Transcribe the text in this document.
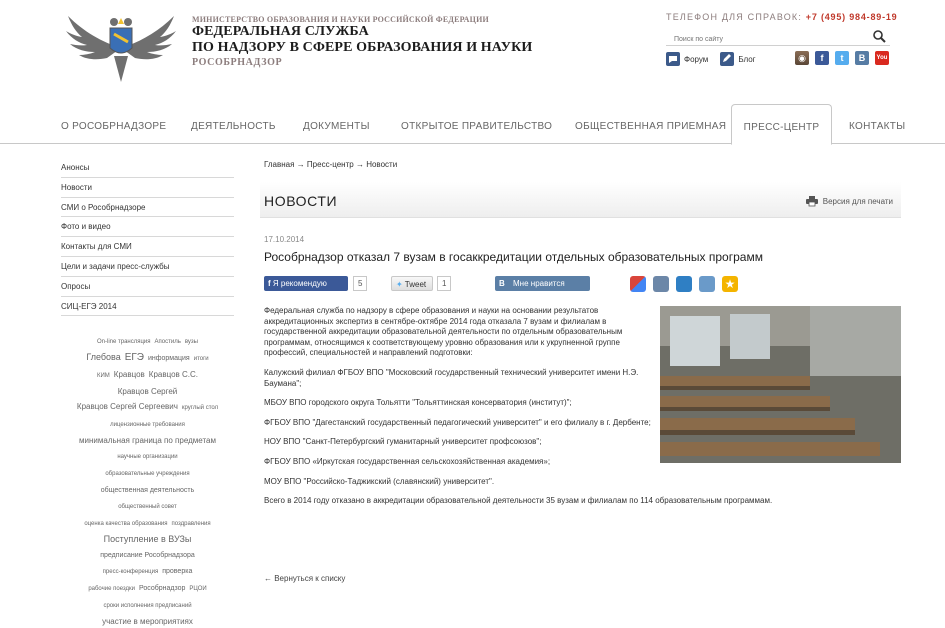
МИНИСТЕРСТВО ОБРАЗОВАНИЯ И НАУКИ РОССИЙСКОЙ ФЕДЕРАЦИИ
ФЕДЕРАЛЬНАЯ СЛУЖБА
ПО НАДЗОРУ В СФЕРЕ ОБРАЗОВАНИЯ И НАУКИ
РОСОБРНАДЗОР
ТЕЛЕФОН ДЛЯ СПРАВОК: +7 (495) 984-89-19
Поиск по сайту
Форум	Блог	◉	f	t	B	You
О РОСОБРНАДЗОРЕ ДЕЯТЕЛЬНОСТЬ	ДОКУМЕНТЫ	ОТКРЫТОЕ ПРАВИТЕЛЬСТВО ОБЩЕСТВЕННАЯ ПРИЕМНАЯ	ПРЕСС-ЦЕНТР	КОНТАКТЫ
Анонсы
Новости
СМИ о Рособрнадзоре
Фото и видео
Контакты для СМИ
Цели и задачи пресс-службы
Опросы
СИЦ-ЕГЭ 2014
On-line трансляция Апостиль вузы
Глебова ЕГЭ информация итоги
КИМ Кравцов Кравцов С.С.
Кравцов Сергей
Кравцов Сергей Сергеевич круглый стол
лицензионные требования
минимальная граница по предметам
научные организации
образовательные учреждения
общественная деятельность
общественный совет
оценка качества образования поздравления
Поступление в ВУЗы
предписание Рособрнадзора
пресс-конференция проверка
рабочие поездки Рособрнадзор РЦОИ
сроки исполнения предписаний
участие в мероприятиях
Главная → Пресс-центр → Новости
НОВОСТИ	Версия для печати
17.10.2014
Рособрнадзор отказал 7 вузам в госаккредитации отдельных образовательных программ
f Я рекомендую	5	✦ Tweet	1	B Мне нравится	★

Федеральная служба по надзору в сфере образования и науки на основании результатов аккредитационных экспертиз в сентябре-октябре 2014 года отказала 7 вузам и филиалам в государственной аккредитации образовательной деятельности по отдельным образовательным программам, относящимся к соответствующему уровню образования или к укрупненной группе профессий, специальностей и направлений подготовки:

Калужский филиал ФГБОУ ВПО "Московский государственный технический университет имени Н.Э. Баумана";

МБОУ ВПО городского округа Тольятти "Тольяттинская консерватория (институт)";

ФГБОУ ВПО "Дагестанский государственный педагогический университет" и его филиалу в г. Дербенте;

НОУ ВПО "Санкт-Петербургский гуманитарный университет профсоюзов";

ФГБОУ ВПО «Иркутская государственная сельскохозяйственная академия»;

МОУ ВПО "Российско-Таджикский (славянский) университет".

Всего в 2014 году отказано в аккредитации образовательной деятельности 35 вузам и филиалам по 114 образовательным программам.

← Вернуться к списку
